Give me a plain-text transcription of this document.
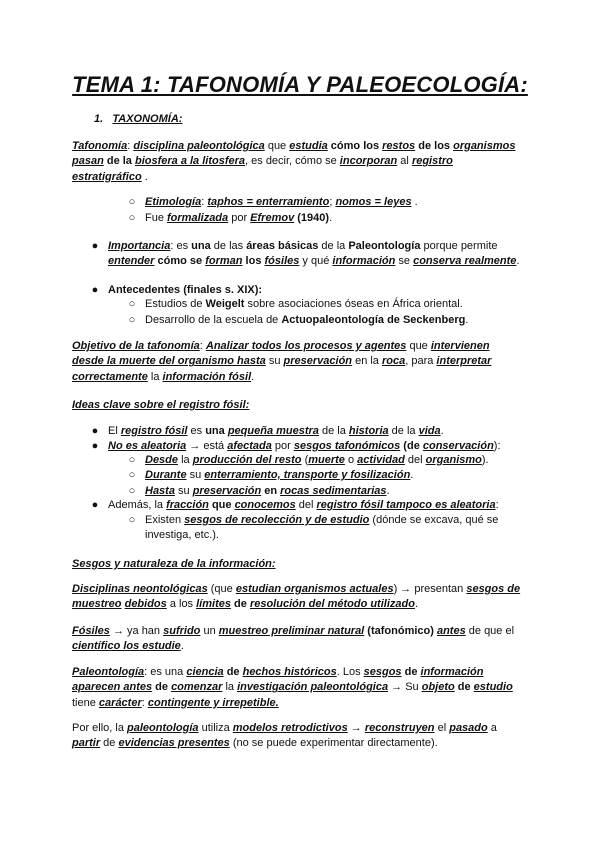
TEMA 1: TAFONOMÍA Y PALEOECOLOGÍA:
1. TAXONOMÍA:

Tafonomía: disciplina paleontológica que estudia cómo los restos de los organismos

pasan de la biosfera a la litosfera, es decir, cómo se incorporan al registro

estratigráfico .

○ Etimología: taphos = enterramiento; nomos = leyes .
○ Fue formalizada por Efremov (1940).
● Importancia: es una de las áreas básicas de la Paleontología porque permite

entender cómo se forman los fósiles y qué información se conserva realmente.

● Antecedentes (finales s. XIX):
○ Estudios de Weigelt sobre asociaciones óseas en África oriental.
○ Desarrollo de la escuela de Actuopaleontología de Seckenberg.

Objetivo de la tafonomía: Analizar todos los procesos y agentes que intervienen

desde la muerte del organismo hasta su preservación en la roca, para interpretar

correctamente la información fósil.

Ideas clave sobre el registro fósil:
● El registro fósil es una pequeña muestra de la historia de la vida.
● No es aleatoria → está afectada por sesgos tafonómicos (de conservación):
○ Desde la producción del resto (muerte o actividad del organismo).
○ Durante su enterramiento, transporte y fosilización.
○ Hasta su preservación en rocas sedimentarias.
● Además, la fracción que conocemos del registro fósil tampoco es aleatoria:
○ Existen sesgos de recolección y de estudio (dónde se excava, qué se

investiga, etc.).

Sesgos y naturaleza de la información:

Disciplinas neontológicas (que estudian organismos actuales) → presentan sesgos de

muestreo debidos a los límites de resolución del método utilizado.

Fósiles → ya han sufrido un muestreo preliminar natural (tafonómico) antes de que el

científico los estudie.

Paleontología: es una ciencia de hechos históricos. Los sesgos de información

aparecen antes de comenzar la investigación paleontológica → Su objeto de estudio

tiene carácter: contingente y irrepetible.

Por ello, la paleontología utiliza modelos retrodictivos → reconstruyen el pasado a

partir de evidencias presentes (no se puede experimentar directamente).
